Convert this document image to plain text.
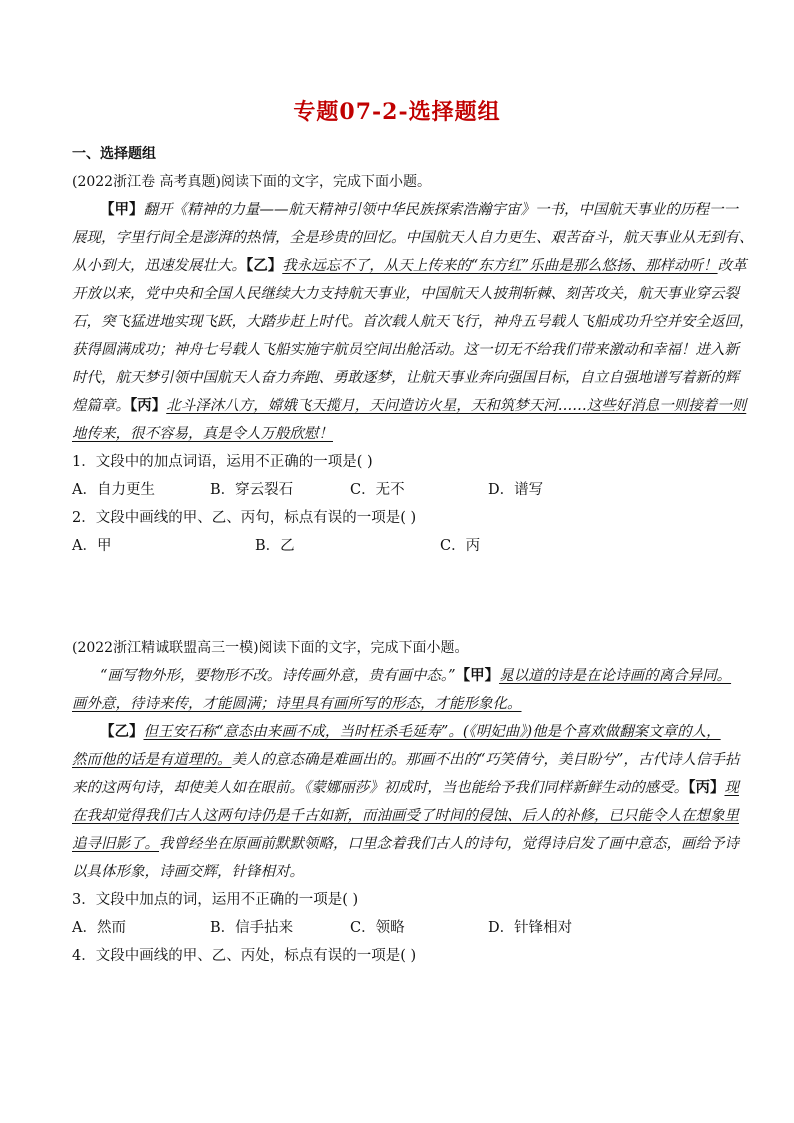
专题07-2-选择题组
一、选择题组
(2022浙江卷 高考真题)阅读下面的文字，完成下面小题。
【甲】翻开《精神的力量——航天精神引领中华民族探索浩瀚宇宙》一书，中国航天事业的历程一一
展现，字里行间全是澎湃的热情，全是珍贵的回忆。中国航天人自力更生、艰苦奋斗，航天事业从无到有、
从小到大，迅速发展壮大。【乙】我永远忘不了，从天上传来的“东方红”乐曲是那么悠扬、那样动听！改革
开放以来，党中央和全国人民继续大力支持航天事业，中国航天人披荆斩棘、刻苦攻关，航天事业穿云裂
石，突飞猛进地实现飞跃，大踏步赶上时代。首次载人航天飞行，神舟五号载人飞船成功升空并安全返回，
获得圆满成功；神舟七号载人飞船实施宇航员空间出舱活动。这一切无不给我们带来激动和幸福！进入新
时代，航天梦引领中国航天人奋力奔跑、勇敢逐梦，让航天事业奔向强国目标，自立自强地谱写着新的辉
煌篇章。【丙】北斗泽沐八方，嫦娥飞天揽月，天问造访火星，天和筑梦天河……这些好消息一则接着一则
地传来，很不容易，真是令人万般欣慰！
1．文段中的加点词语，运用不正确的一项是( )
A．自力更生	B．穿云裂石	C．无不	D．谱写
2．文段中画线的甲、乙、丙句，标点有误的一项是( )
A．甲	B．乙	C．丙
(2022浙江精诚联盟高三一模)阅读下面的文字，完成下面小题。
“画写物外形，要物形不改。诗传画外意，贵有画中态。”【甲】晁以道的诗是在论诗画的离合异同。
画外意，待诗来传，才能圆满；诗里具有画所写的形态，才能形象化。
【乙】但王安石称“意态由来画不成，当时枉杀毛延寿”。(《明妃曲》)他是个喜欢做翻案文章的人，
然而他的话是有道理的。美人的意态确是难画出的。那画不出的“巧笑倩兮，美目盼兮”，古代诗人信手拈
来的这两句诗，却使美人如在眼前。《蒙娜丽莎》初成时，当也能给予我们同样新鲜生动的感受。【丙】现
在我却觉得我们古人这两句诗仍是千古如新，而油画受了时间的侵蚀、后人的补修，已只能令人在想象里
追寻旧影了。我曾经坐在原画前默默领略，口里念着我们古人的诗句，觉得诗启发了画中意态，画给予诗
以具体形象，诗画交辉，针锋相对。
3．文段中加点的词，运用不正确的一项是( )
A．然而	B．信手拈来	C．领略	D．针锋相对
4．文段中画线的甲、乙、丙处，标点有误的一项是( )
